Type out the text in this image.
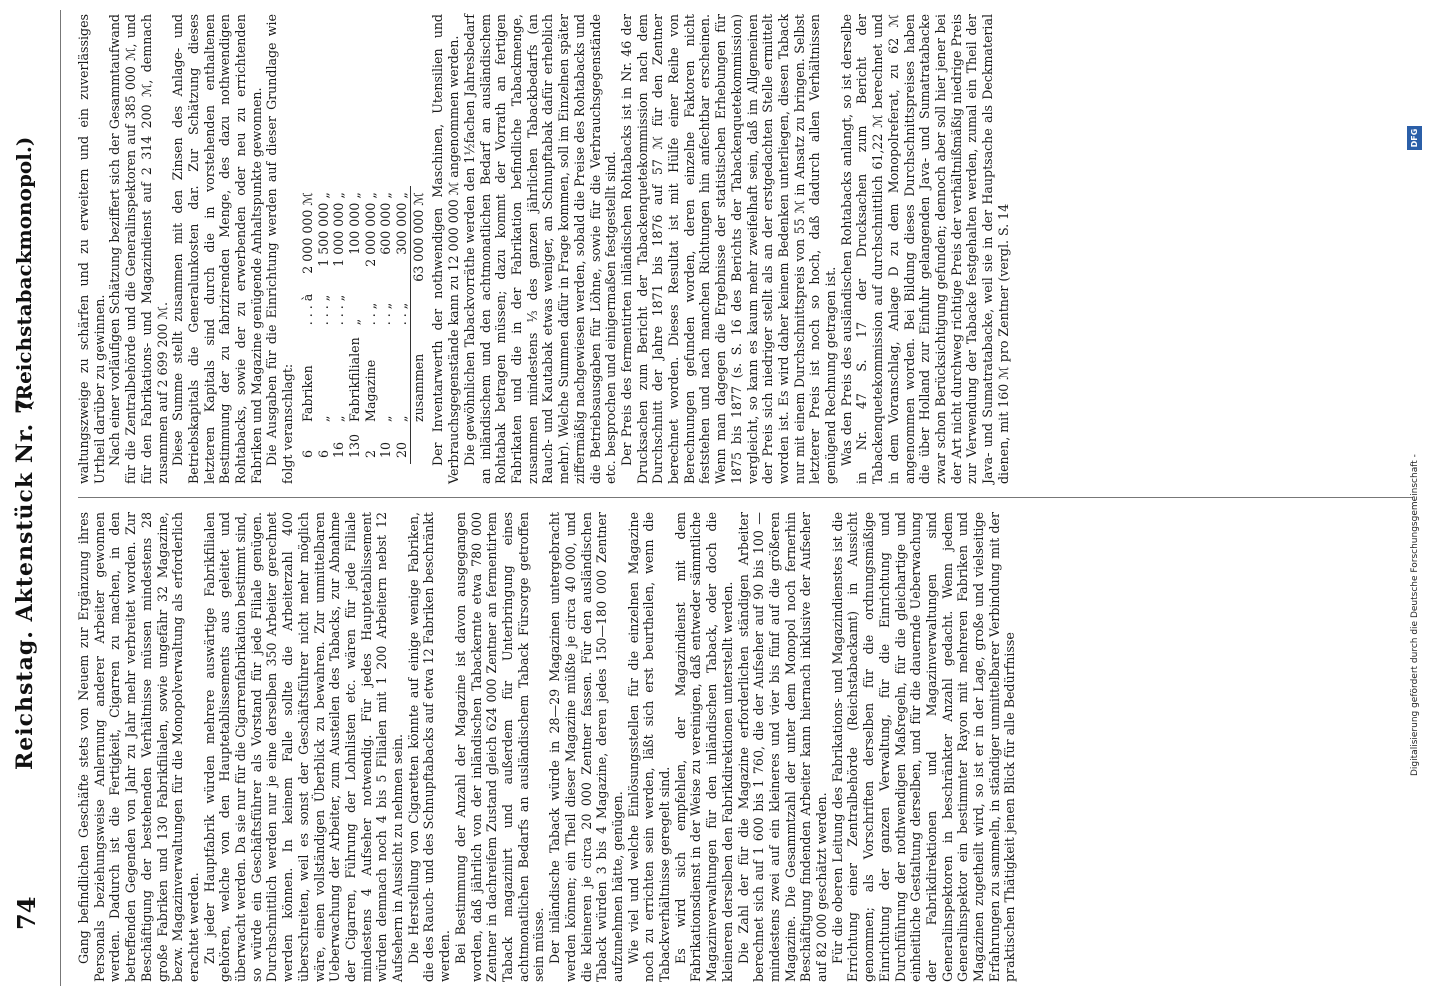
74
Reichstag. Aktenstück Nr. 7.
(Reichstabackmonopol.)

Gang befindlichen Geschäfte stets von Neuem zur Ergänzung ihres Personals beziehungsweise Anlernung anderer Arbeiter gewonnen werden. Dadurch ist die Fertigkeit, Cigarren zu machen, in den betreffenden Gegenden von Jahr zu Jahr mehr verbreitet worden. Zur Beschäftigung der bestehenden Verhältnisse müssen mindestens 28 große Fabriken und 130 Fabrikfilialen, sowie ungefähr 32 Magazine, bezw. Magazinverwaltungen für die Monopolverwaltung als erforderlich erachtet werden. Zu jeder Hauptfabrik würden mehrere auswärtige Fabrikfilialen gehören, welche von den Hauptetablissements aus geleitet und überwacht werden. Da sie nur für die Cigarrenfabrikation bestimmt sind, so würde ein Geschäftsführer als Vorstand für jede Filiale genügen. Durchschnittlich werden nur je eine derselben 350 Arbeiter gerechnet werden können. In keinem Falle sollte die Arbeiterzahl 400 überschreiten, weil es sonst der Geschäftsführer nicht mehr möglich wäre, einen vollständigen Überblick zu bewahren. Zur unmittelbaren Ueberwachung der Arbeiter, zum Austeilen des Tabacks, zur Abnahme der Cigarren, Führung der Lohnlisten etc. wären für jede Filiale mindestens 4 Aufseher notwendig. Für jedes Hauptetablissement würden demnach noch 4 bis 5 Filialen mit 1 200 Arbeitern nebst 12 Aufsehern in Aussicht zu nehmen sein. Die Herstellung von Cigaretten könnte auf einige wenige Fabriken, die des Rauch- und des Schnupftabacks auf etwa 12 Fabriken beschränkt werden. Bei Bestimmung der Anzahl der Magazine ist davon ausgegangen worden, daß jährlich von der inländischen Tabackernte etwa 780 000 Zentner in dachreifem Zustand gleich 624 000 Zentner an fermentirtem Taback magazinirt und außerdem für Unterbringung eines achtmonatlichen Bedarfs an ausländischem Taback Fürsorge getroffen sein müsse. Der inländische Taback würde in 28—29 Magazinen untergebracht werden können; ein Theil dieser Magazine müßte je circa 40 000, und die kleineren je circa 20 000 Zentner fassen. Für den ausländischen Taback würden 3 bis 4 Magazine, deren jedes 150—180 000 Zentner aufzunehmen hätte, genügen. Wie viel und welche Einlösungsstellen für die einzelnen Magazine noch zu errichten sein werden, läßt sich erst beurtheilen, wenn die Tabackverhältnisse geregelt sind. Es wird sich empfehlen, der Magazindienst mit dem Fabrikationsdienst in der Weise zu vereinigen, daß entweder sämmtliche Magazinverwaltungen für den inländischen Taback, oder doch die kleineren derselben den Fabrikdirektionen unterstellt werden. Die Zahl der für die Magazine erforderlichen ständigen Arbeiter berechnet sich auf 1 600 bis 1 760, die der Aufseher auf 90 bis 100 — mindestens zwei auf ein kleineres und vier bis fünf auf die größeren Magazine. Die Gesammtzahl der unter dem Monopol noch fernerhin Beschäftigung findenden Arbeiter kann hiernach inklusive der Aufseher auf 82 000 geschätzt werden. Für die oberen Leitung des Fabrikations- und Magazindienstes ist die Errichtung einer Zentralbehörde (Reichstabackamt) in Aussicht genommen; als Vorschriften derselben für die ordnungsmäßige Einrichtung der ganzen Verwaltung, für die Einrichtung und Durchführung der nothwendigen Maßregeln, für die gleichartige und einheitliche Gestaltung derselben, und für die dauernde Ueberwachung der Fabrikdirektionen und Magazinverwaltungen sind Generalinspektoren in beschränkter Anzahl gedacht. Wenn jedem Generalinspektor ein bestimmter Rayon mit mehreren Fabriken und Magazinen zugetheilt wird, so ist er in der Lage, große und vielseitige Erfahrungen zu sammeln, in ständiger unmittelbarer Verbindung mit der praktischen Thätigkeit jenen Blick für alle Bedürfnisse

waltungszweige zu schärfen und zu erweitern und ein zuverlässiges Urtheil darüber zu gewinnen. Nach einer vorläufigen Schätzung beziffert sich der Gesammtaufwand für die Zentralbehörde und die Generalinspektoren auf 385 000 ℳ, und für den Fabrikations- und Magazindienst auf 2 314 200 ℳ, demnach zusammen auf 2 699 200 ℳ. Diese Summe stellt zusammen mit den Zinsen des Anlage- und Betriebskapitals die Generalunkosten dar. Zur Schätzung dieses letzteren Kapitals sind durch die in vorstehenden enthaltenen Bestimmung der zu fabrizirenden Menge, des dazu nothwendigen Rohtabacks, sowie der zu erwerbenden oder neu zu errichtenden Fabriken und Magazine genügende Anhaltspunkte gewonnen. Die Ausgaben für die Einrichtung werden auf dieser Grundlage wie folgt veranschlagt: 6	Fabriken	. . . à	2 000 000 ℳ
6	„	. . . „	1 500 000 „
16	„	. . . „	1 000 000 „
130	Fabrikfilialen	„	100 000 „
2	Magazine	. . „	2 000 000 „
10	„	. . „	600 000 „
20	„	. . „	300 000 „
	zusammen		63 000 000 ℳ Der Inventarwerth der nothwendigen Maschinen, Utensilien und Verbrauchsgegenstände kann zu 12 000 000 ℳ angenommen werden. Die gewöhnlichen Tabackvorräthe werden den 1½fachen Jahresbedarf an inländischem und den achtmonatlichen Bedarf an ausländischem Rohtabak betragen müssen; dazu kommt der Vorrath an fertigen Fabrikaten und die in der Fabrikation befindliche Tabackmenge, zusammen mindestens ⅓ des ganzen jährlichen Tabackbedarfs (an Rauch- und Kautabak etwas weniger, an Schnupftabak dafür erheblich mehr). Welche Summen dafür in Frage kommen, soll im Einzelnen später ziffermäßig nachgewiesen werden, sobald die Preise des Rohtabacks und die Betriebsausgaben für Löhne, sowie für die Verbrauchsgegenstände etc. besprochen und einigermaßen festgestellt sind. Der Preis des fermentirten inländischen Rohtabacks ist in Nr. 46 der Drucksachen zum Bericht der Tabackenquetekommission nach dem Durchschnitt der Jahre 1871 bis 1876 auf 57 ℳ für den Zentner berechnet worden. Dieses Resultat ist mit Hülfe einer Reihe von Berechnungen gefunden worden, deren einzelne Faktoren nicht feststehen und nach manchen Richtungen hin anfechtbar erscheinen. Wenn man dagegen die Ergebnisse der statistischen Erhebungen für 1875 bis 1877 (s. S. 16 des Berichts der Tabackenquetekommission) vergleicht, so kann es kaum mehr zweifelhaft sein, daß im Allgemeinen der Preis sich niedriger stellt als an der erstgedachten Stelle ermittelt worden ist. Es wird daher keinem Bedenken unterliegen, diesen Taback nur mit einem Durchschnittspreis von 55 ℳ in Ansatz zu bringen. Selbst letzterer Preis ist noch so hoch, daß dadurch allen Verhältnissen genügend Rechnung getragen ist. Was den Preis des ausländischen Rohtabacks anlangt, so ist derselbe in Nr. 47 S. 17 der Drucksachen zum Bericht der Tabackenquetekommission auf durchschnittlich 61,22 ℳ berechnet und in dem Voranschlag, Anlage D zu dem Monopolreferat, zu 62 ℳ angenommen worden. Bei Bildung dieses Durchschnittspreises haben die über Holland zur Einfuhr gelangenden Java- und Sumatratabacke zwar schon Berücksichtigung gefunden; dennoch aber soll hier jener bei der Art nicht durchweg richtige Preis der verhältnißmäßig niedrige Preis zur Verwendung der Tabacke festgehalten werden, zumal ein Theil der Java- und Sumatratabacke, weil sie in der Hauptsache als Deckmaterial dienen, mit 160 ℳ pro Zentner (vergl. S. 14

Digitalisierung gefördert durch die Deutsche Forschungsgemeinschaft -
DFG
